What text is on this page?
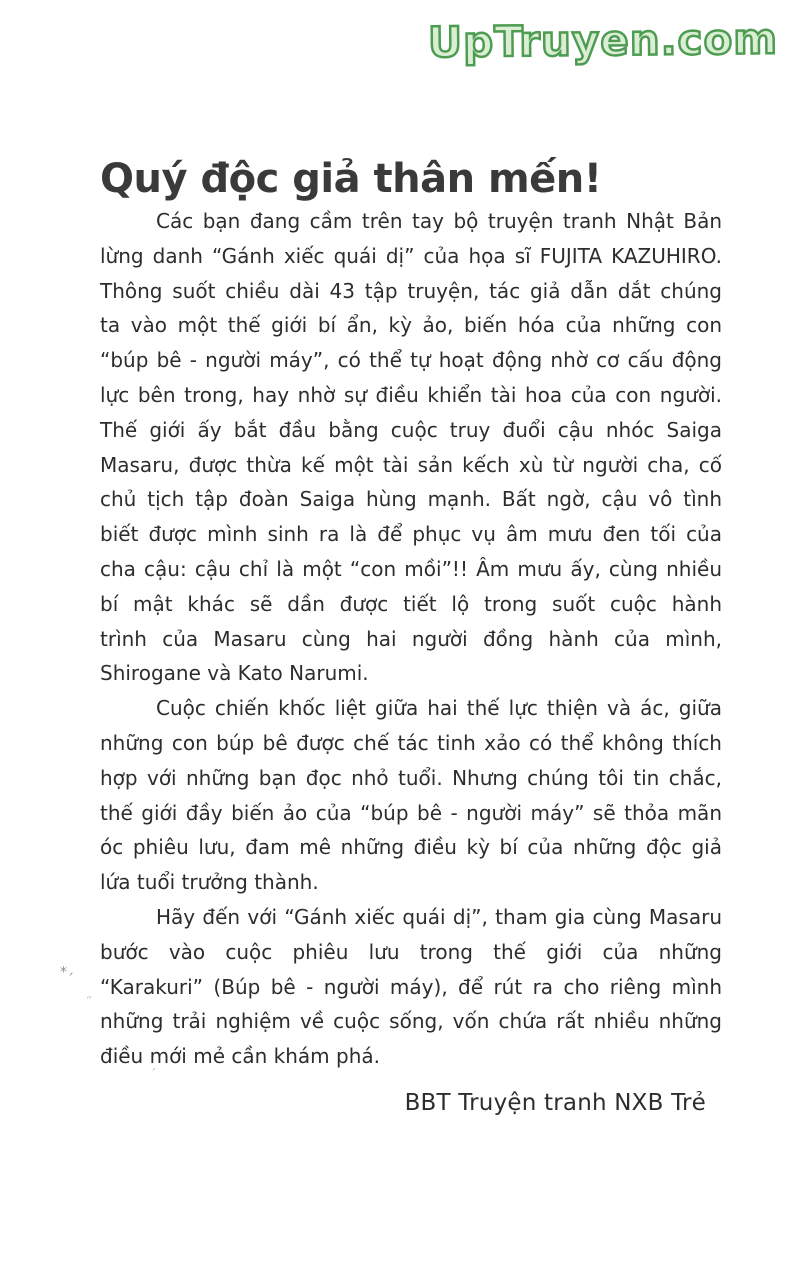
UpTruyen.com
Quý độc giả thân mến!
Các bạn đang cầm trên tay bộ truyện tranh Nhật Bản
lừng danh “Gánh xiếc quái dị” của họa sĩ FUJITA KAZUHIRO.
Thông suốt chiều dài 43 tập truyện, tác giả dẫn dắt chúng
ta vào một thế giới bí ẩn, kỳ ảo, biến hóa của những con
“búp bê - người máy”, có thể tự hoạt động nhờ cơ cấu động
lực bên trong, hay nhờ sự điều khiển tài hoa của con người.
Thế giới ấy bắt đầu bằng cuộc truy đuổi cậu nhóc Saiga
Masaru, được thừa kế một tài sản kếch xù từ người cha, cố
chủ tịch tập đoàn Saiga hùng mạnh. Bất ngờ, cậu vô tình
biết được mình sinh ra là để phục vụ âm mưu đen tối của
cha cậu: cậu chỉ là một “con mồi”!! Âm mưu ấy, cùng nhiều
bí mật khác sẽ dần được tiết lộ trong suốt cuộc hành
trình của Masaru cùng hai người đồng hành của mình,
Shirogane và Kato Narumi.
Cuộc chiến khốc liệt giữa hai thế lực thiện và ác, giữa
những con búp bê được chế tác tinh xảo có thể không thích
hợp với những bạn đọc nhỏ tuổi. Nhưng chúng tôi tin chắc,
thế giới đầy biến ảo của “búp bê - người máy” sẽ thỏa mãn
óc phiêu lưu, đam mê những điều kỳ bí của những độc giả
lứa tuổi trưởng thành.
Hãy đến với “Gánh xiếc quái dị”, tham gia cùng Masaru
bước vào cuộc phiêu lưu trong thế giới của những
“Karakuri” (Búp bê - người máy), để rút ra cho riêng mình
những trải nghiệm về cuộc sống, vốn chứa rất nhiều những
điều mới mẻ cần khám phá.
BBT Truyện tranh NXB Trẻ
⁎ˏ
”
ˊ
